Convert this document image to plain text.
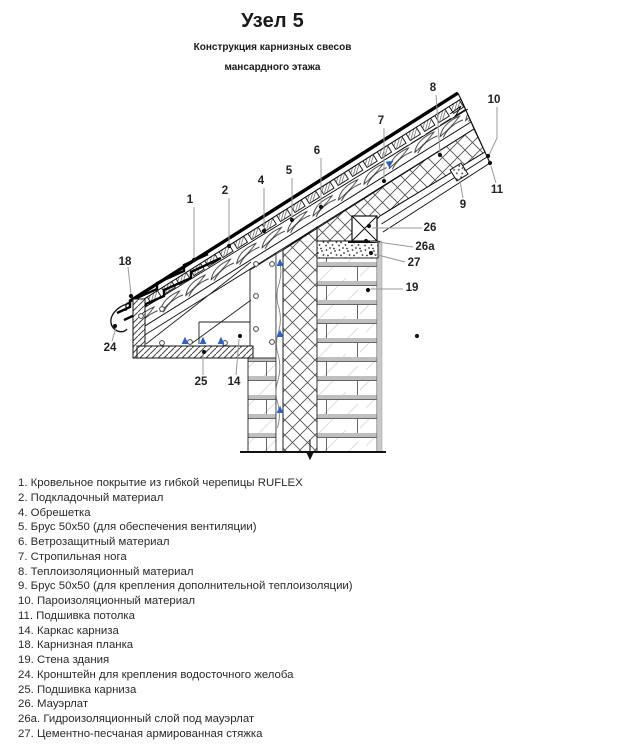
Узел 5
Конструкция карнизных свесов
мансардного этажа
1
2
4
5
6
7
8
10
11
9
26
26а
27
19
18
24
25 14
1. Кровельное покрытие из гибкой черепицы RUFLEX
2. Подкладочный материал
4. Обрешетка
5. Брус 50х50 (для обеспечения вентиляции)
6. Ветрозащитный материал
7. Стропильная нога
8. Теплоизоляционный материал
9. Брус 50х50 (для крепления дополнительной теплоизоляции)
10. Пароизоляционный материал
11. Подшивка потолка
14. Каркас карниза
18. Карнизная планка
19. Стена здания
24. Кронштейн для крепления водосточного желоба
25. Подшивка карниза
26. Мауэрлат
26а. Гидроизоляционный слой под мауэрлат
27. Цементно-песчаная армированная стяжка
